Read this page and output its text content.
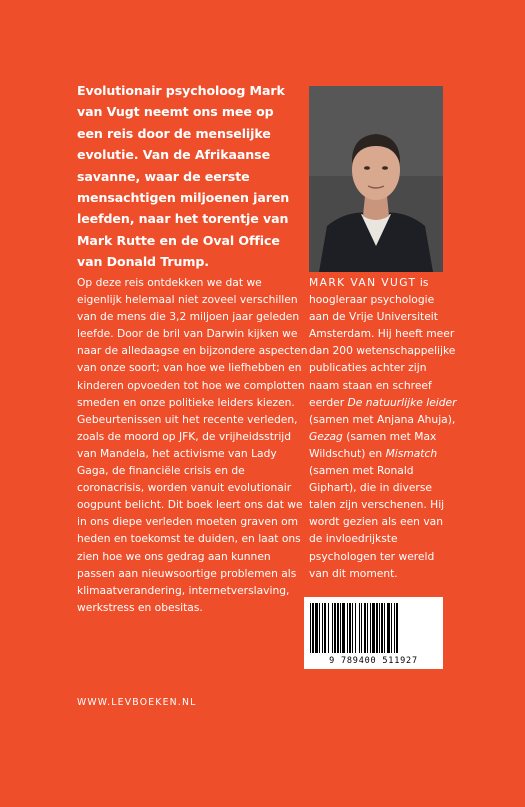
Evolutionair psycholoog Mark van Vugt neemt ons mee op een reis door de menselijke evolutie. Van de Afrikaanse savanne, waar de eerste mensachtigen miljoenen jaren leefden, naar het torentje van Mark Rutte en de Oval Office van Donald Trump.

Op deze reis ontdekken we dat we eigenlijk helemaal niet zoveel verschillen van de mens die 3,2 miljoen jaar geleden leefde. Door de bril van Darwin kijken we naar de alledaagse en bijzondere aspecten van onze soort; van hoe we liefhebben en kinderen opvoeden tot hoe we complotten smeden en onze politieke leiders kiezen. Gebeurtenissen uit het recente verleden, zoals de moord op JFK, de vrijheidsstrijd van Mandela, het activisme van Lady Gaga, de financiële crisis en de coronacrisis, worden vanuit evolutionair oogpunt belicht. Dit boek leert ons dat we in ons diepe verleden moeten graven om heden en toekomst te duiden, en laat ons zien hoe we ons gedrag aan kunnen passen aan nieuwsoortige problemen als klimaatverandering, internetverslaving, werkstress en obesitas.

MARK VAN VUGT is hoogleraar psychologie aan de Vrije Universiteit Amsterdam. Hij heeft meer dan 200 wetenschappelijke publicaties achter zijn naam staan en schreef eerder De natuurlijke leider (samen met Anjana Ahuja), Gezag (samen met Max Wildschut) en Mismatch (samen met Ronald Giphart), die in diverse talen zijn verschenen. Hij wordt gezien als een van de invloedrijkste psychologen ter wereld van dit moment.

9 789400 511927
WWW.LEVBOEKEN.NL
